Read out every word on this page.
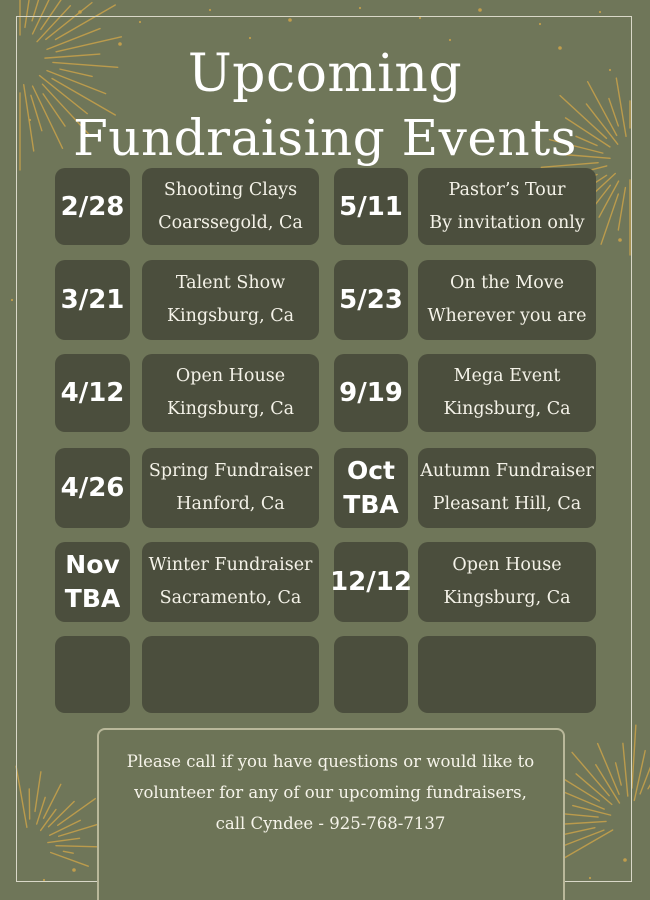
Upcoming
Fundraising Events
2/28
Shooting Clays
Coarssegold, Ca
5/11
Pastor’s Tour
By invitation only
3/21
Talent Show
Kingsburg, Ca
5/23
On the Move
Wherever you are
4/12
Open House
Kingsburg, Ca
9/19
Mega Event
Kingsburg, Ca
4/26
Spring Fundraiser
Hanford, Ca
Oct
TBA
Autumn Fundraiser
Pleasant Hill, Ca
Nov
TBA
Winter Fundraiser
Sacramento, Ca
12/12
Open House
Kingsburg, Ca
Please call if you have questions or would like to
volunteer for any of our upcoming fundraisers,
call Cyndee - 925-768-7137
